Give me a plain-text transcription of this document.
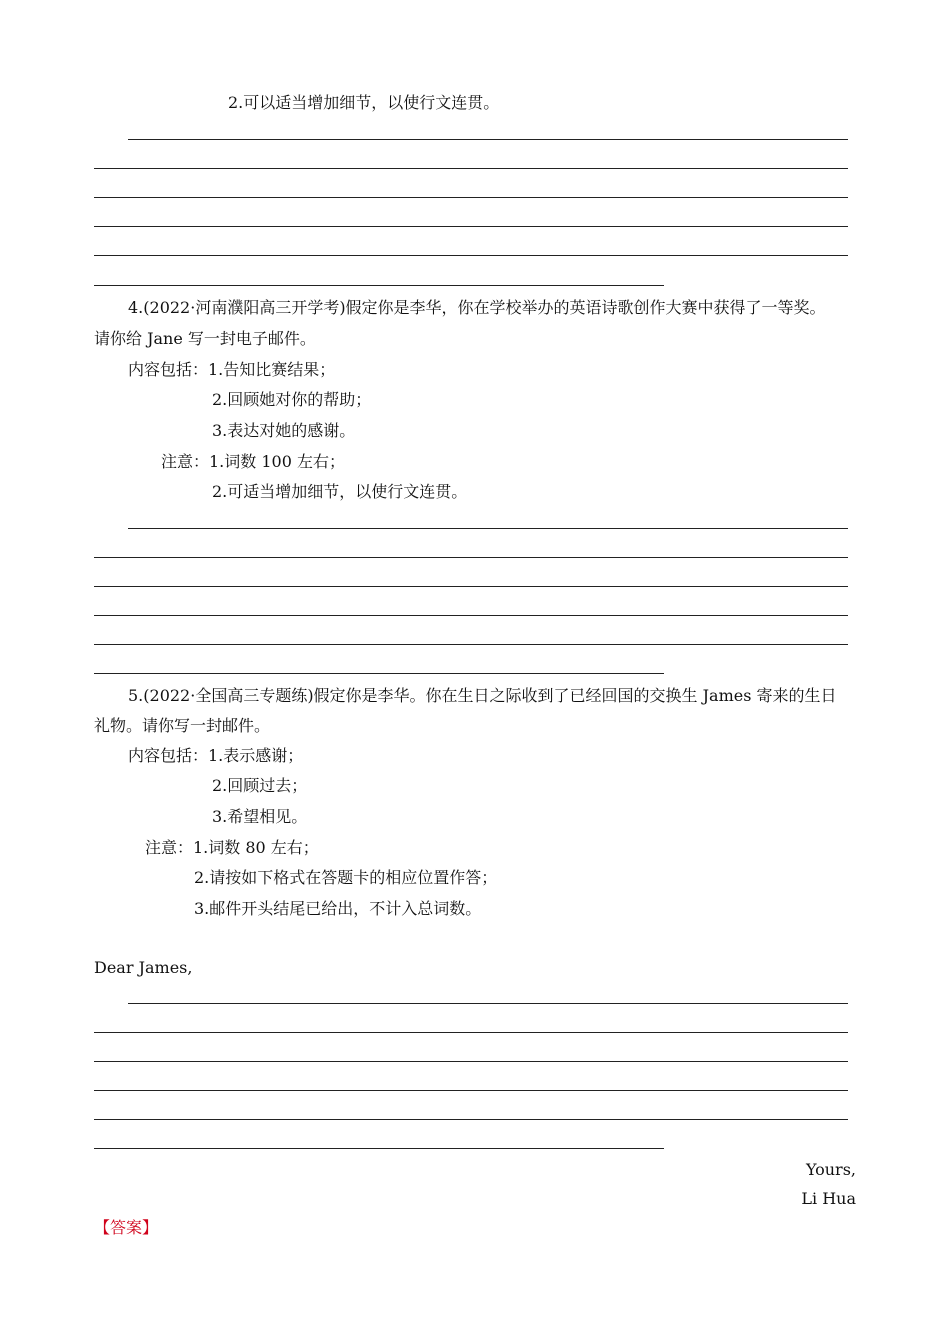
2.可以适当增加细节，以使行文连贯。
4.(2022·河南濮阳高三开学考)假定你是李华，你在学校举办的英语诗歌创作大赛中获得了一等奖。
请你给 Jane 写一封电子邮件。
内容包括：1.告知比赛结果；
2.回顾她对你的帮助；
3.表达对她的感谢。
注意：1.词数 100 左右；
2.可适当增加细节，以使行文连贯。
5.(2022·全国高三专题练)假定你是李华。你在生日之际收到了已经回国的交换生 James 寄来的生日
礼物。请你写一封邮件。
内容包括：1.表示感谢；
2.回顾过去；
3.希望相见。
注意：1.词数 80 左右；
2.请按如下格式在答题卡的相应位置作答；
3.邮件开头结尾已给出，不计入总词数。
Dear James,
Yours,
Li Hua
【答案】
